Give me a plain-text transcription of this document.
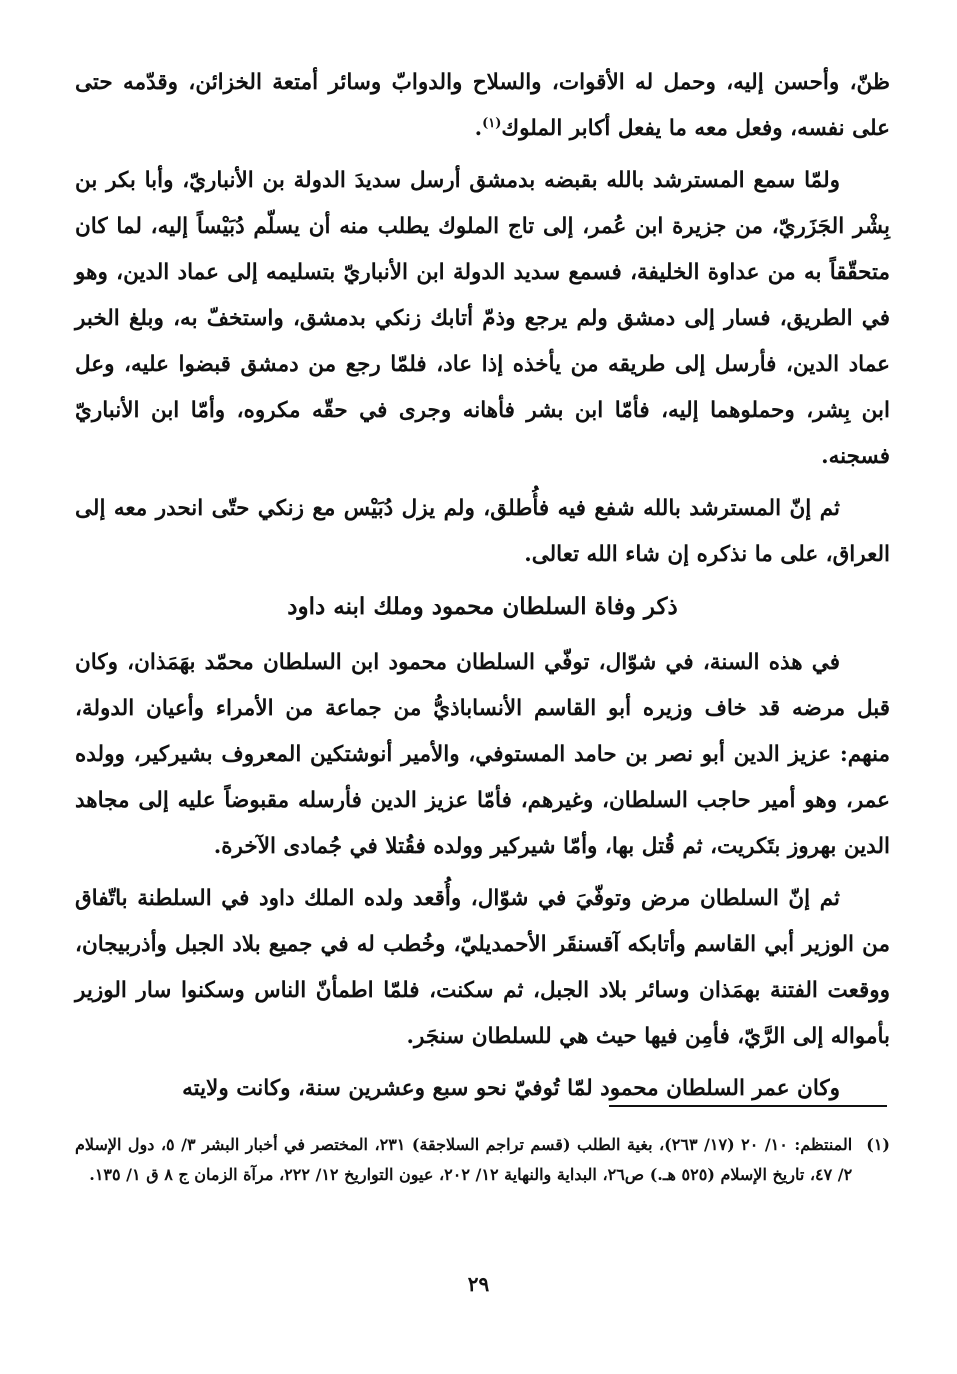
ظنّ، وأحسن إليه، وحمل له الأقوات، والسلاح والدوابّ وسائر أمتعة الخزائن، وقدّمه حتى على نفسه، وفعل معه ما يفعل أكابر الملوك$^{(١)}$.

ولمّا سمع المسترشد بالله بقبضه بدمشق أرسل سديدَ الدولة بن الأنباريّ، وأبا بكر بن بِشْر الجَزَريّ، من جزيرة ابن عُمر، إلى تاج الملوك يطلب منه أن يسلّم دُبَيْساً إليه، لما كان متحقّقاً به من عداوة الخليفة، فسمع سديد الدولة ابن الأنباريّ بتسليمه إلى عماد الدين، وهو في الطريق، فسار إلى دمشق ولم يرجع وذمّ أتابك زنكي بدمشق، واستخفّ به، وبلغ الخبر عماد الدين، فأرسل إلى طريقه من يأخذه إذا عاد، فلمّا رجع من دمشق قبضوا عليه، وعل ابن بِشر، وحملوهما إليه، فأمّا ابن بشر فأهانه وجرى في حقّه مكروه، وأمّا ابن الأنباريّ فسجنه.

ثم إنّ المسترشد بالله شفع فيه فأُطلق، ولم يزل دُبَيْس مع زنكي حتّى انحدر معه إلى العراق، على ما نذكره إن شاء الله تعالى.

ذكر وفاة السلطان محمود وملك ابنه داود

في هذه السنة، في شوّال، توفّي السلطان محمود ابن السلطان محمّد بهَمَذان، وكان قبل مرضه قد خاف وزيره أبو القاسم الأنساباذيُّ من جماعة من الأمراء وأعيان الدولة، منهم: عزيز الدين أبو نصر بن حامد المستوفي، والأمير أنوشتكين المعروف بشيركير، وولده عمر، وهو أمير حاجب السلطان، وغيرهم، فأمّا عزيز الدين فأرسله مقبوضاً عليه إلى مجاهد الدين بهروز بتَكريت، ثم قُتل بها، وأمّا شيركير وولده فقُتلا في جُمادى الآخرة.

ثم إنّ السلطان مرض وتوفّيَ في شوّال، وأُقعد ولده الملك داود في السلطنة باتّفاق من الوزير أبي القاسم وأتابكه آقسنقَر الأحمديليّ، وخُطب له في جميع بلاد الجبل وأذربيجان، ووقعت الفتنة بهمَذان وسائر بلاد الجبل، ثم سكنت، فلمّا اطمأنّ الناس وسكنوا سار الوزير بأمواله إلى الرَّيّ، فأمِن فيها حيث هي للسلطان سنجَر.

وكان عمر السلطان محمود لمّا تُوفيّ نحو سبع وعشرين سنة، وكانت ولايته

(١)
المنتظم: ١٠/ ٢٠ (١٧/ ٢٦٣)، بغية الطلب (قسم تراجم السلاجقة) ٢٣١، المختصر في أخبار البشر ٣/ ٥، دول الإسلام ٢/ ٤٧، تاريخ الإسلام (٥٢٥ هـ.) ص٢٦، البداية والنهاية ١٢/ ٢٠٢، عيون التواريخ ١٢/ ٢٢٢، مرآة الزمان ج ٨ ق ١/ ١٣٥.
٢٩
